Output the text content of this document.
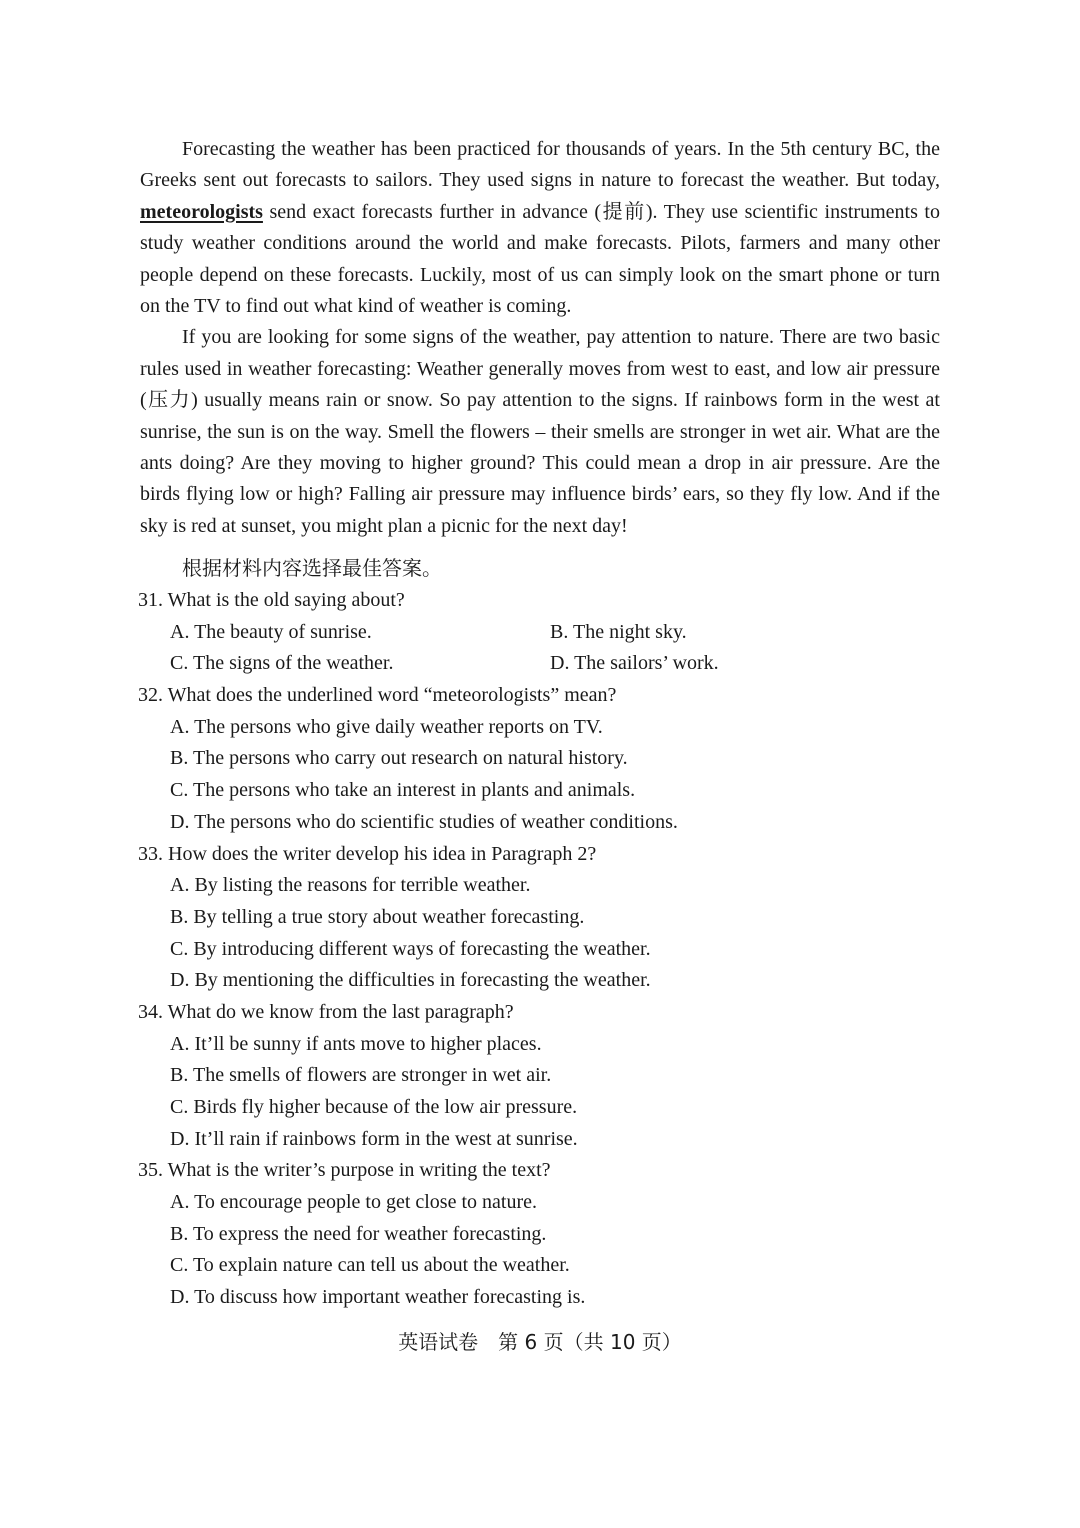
Forecasting the weather has been practiced for thousands of years. In the 5th century BC, the Greeks sent out forecasts to sailors. They used signs in nature to forecast the weather. But today, meteorologists send exact forecasts further in advance (提前). They use scientific instruments to study weather conditions around the world and make forecasts. Pilots, farmers and many other people depend on these forecasts. Luckily, most of us can simply look on the smart phone or turn on the TV to find out what kind of weather is coming.

If you are looking for some signs of the weather, pay attention to nature. There are two basic rules used in weather forecasting: Weather generally moves from west to east, and low air pressure (压力) usually means rain or snow. So pay attention to the signs. If rainbows form in the west at sunrise, the sun is on the way. Smell the flowers – their smells are stronger in wet air. What are the ants doing? Are they moving to higher ground? This could mean a drop in air pressure. Are the birds flying low or high? Falling air pressure may influence birds’ ears, so they fly low. And if the sky is red at sunset, you might plan a picnic for the next day!

根据材料内容选择最佳答案。
31. What is the old saying about?
A. The beauty of sunrise.	B. The night sky.
C. The signs of the weather.	D. The sailors’ work.
32. What does the underlined word “meteorologists” mean?
A. The persons who give daily weather reports on TV.
B. The persons who carry out research on natural history.
C. The persons who take an interest in plants and animals.
D. The persons who do scientific studies of weather conditions.
33. How does the writer develop his idea in Paragraph 2?
A. By listing the reasons for terrible weather.
B. By telling a true story about weather forecasting.
C. By introducing different ways of forecasting the weather.
D. By mentioning the difficulties in forecasting the weather.
34. What do we know from the last paragraph?
A. It’ll be sunny if ants move to higher places.
B. The smells of flowers are stronger in wet air.
C. Birds fly higher because of the low air pressure.
D. It’ll rain if rainbows form in the west at sunrise.
35. What is the writer’s purpose in writing the text?
A. To encourage people to get close to nature.
B. To express the need for weather forecasting.
C. To explain nature can tell us about the weather.
D. To discuss how important weather forecasting is.
英语试卷　第 6 页（共 10 页）
